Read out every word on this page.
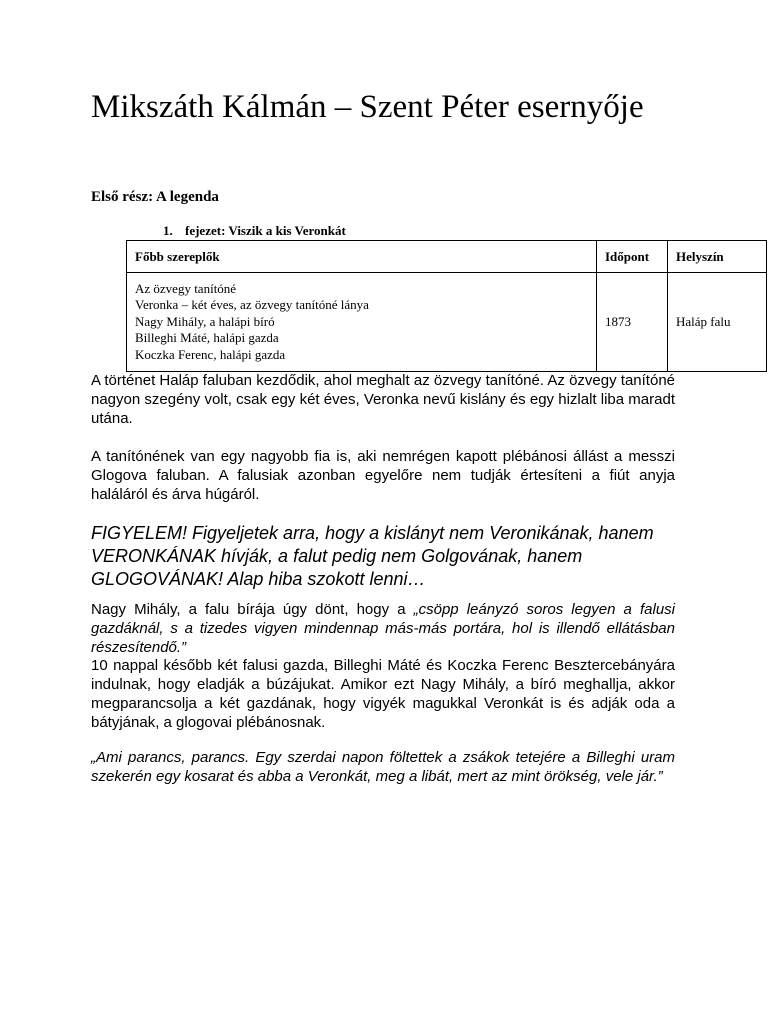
Mikszáth Kálmán – Szent Péter esernyője
Első rész: A legenda
1. fejezet: Viszik a kis Veronkát
Főbb szereplők	Időpont	Helyszín

Az özvegy tanítóné
Veronka – két éves, az özvegy tanítóné lánya
Nagy Mihály, a halápi bíró
Billeghi Máté, halápi gazda
Koczka Ferenc, halápi gazda	1873	Haláp falu

A történet Haláp faluban kezdődik, ahol meghalt az özvegy tanítóné. Az özvegy tanítóné nagyon szegény volt, csak egy két éves, Veronka nevű kislány és egy hizlalt liba maradt utána.

A tanítónének van egy nagyobb fia is, aki nemrégen kapott plébánosi állást a messzi Glogova faluban. A falusiak azonban egyelőre nem tudják értesíteni a fiút anyja haláláról és árva húgáról.

FIGYELEM! Figyeljetek arra, hogy a kislányt nem Veronikának, hanem VERONKÁNAK hívják, a falut pedig nem Golgovának, hanem GLOGOVÁNAK! Alap hiba szokott lenni…

Nagy Mihály, a falu bírája úgy dönt, hogy a „csöpp leányzó soros legyen a falusi gazdáknál, s a tizedes vigyen mindennap más-más portára, hol is illendő ellátásban részesítendő.”

10 nappal később két falusi gazda, Billeghi Máté és Koczka Ferenc Besztercebányára indulnak, hogy eladják a búzájukat. Amikor ezt Nagy Mihály, a bíró meghallja, akkor megparancsolja a két gazdának, hogy vigyék magukkal Veronkát is és adják oda a bátyjának, a glogovai plébánosnak.

„Ami parancs, parancs. Egy szerdai napon föltettek a zsákok tetejére a Billeghi uram szekerén egy kosarat és abba a Veronkát, meg a libát, mert az mint örökség, vele jár.”
